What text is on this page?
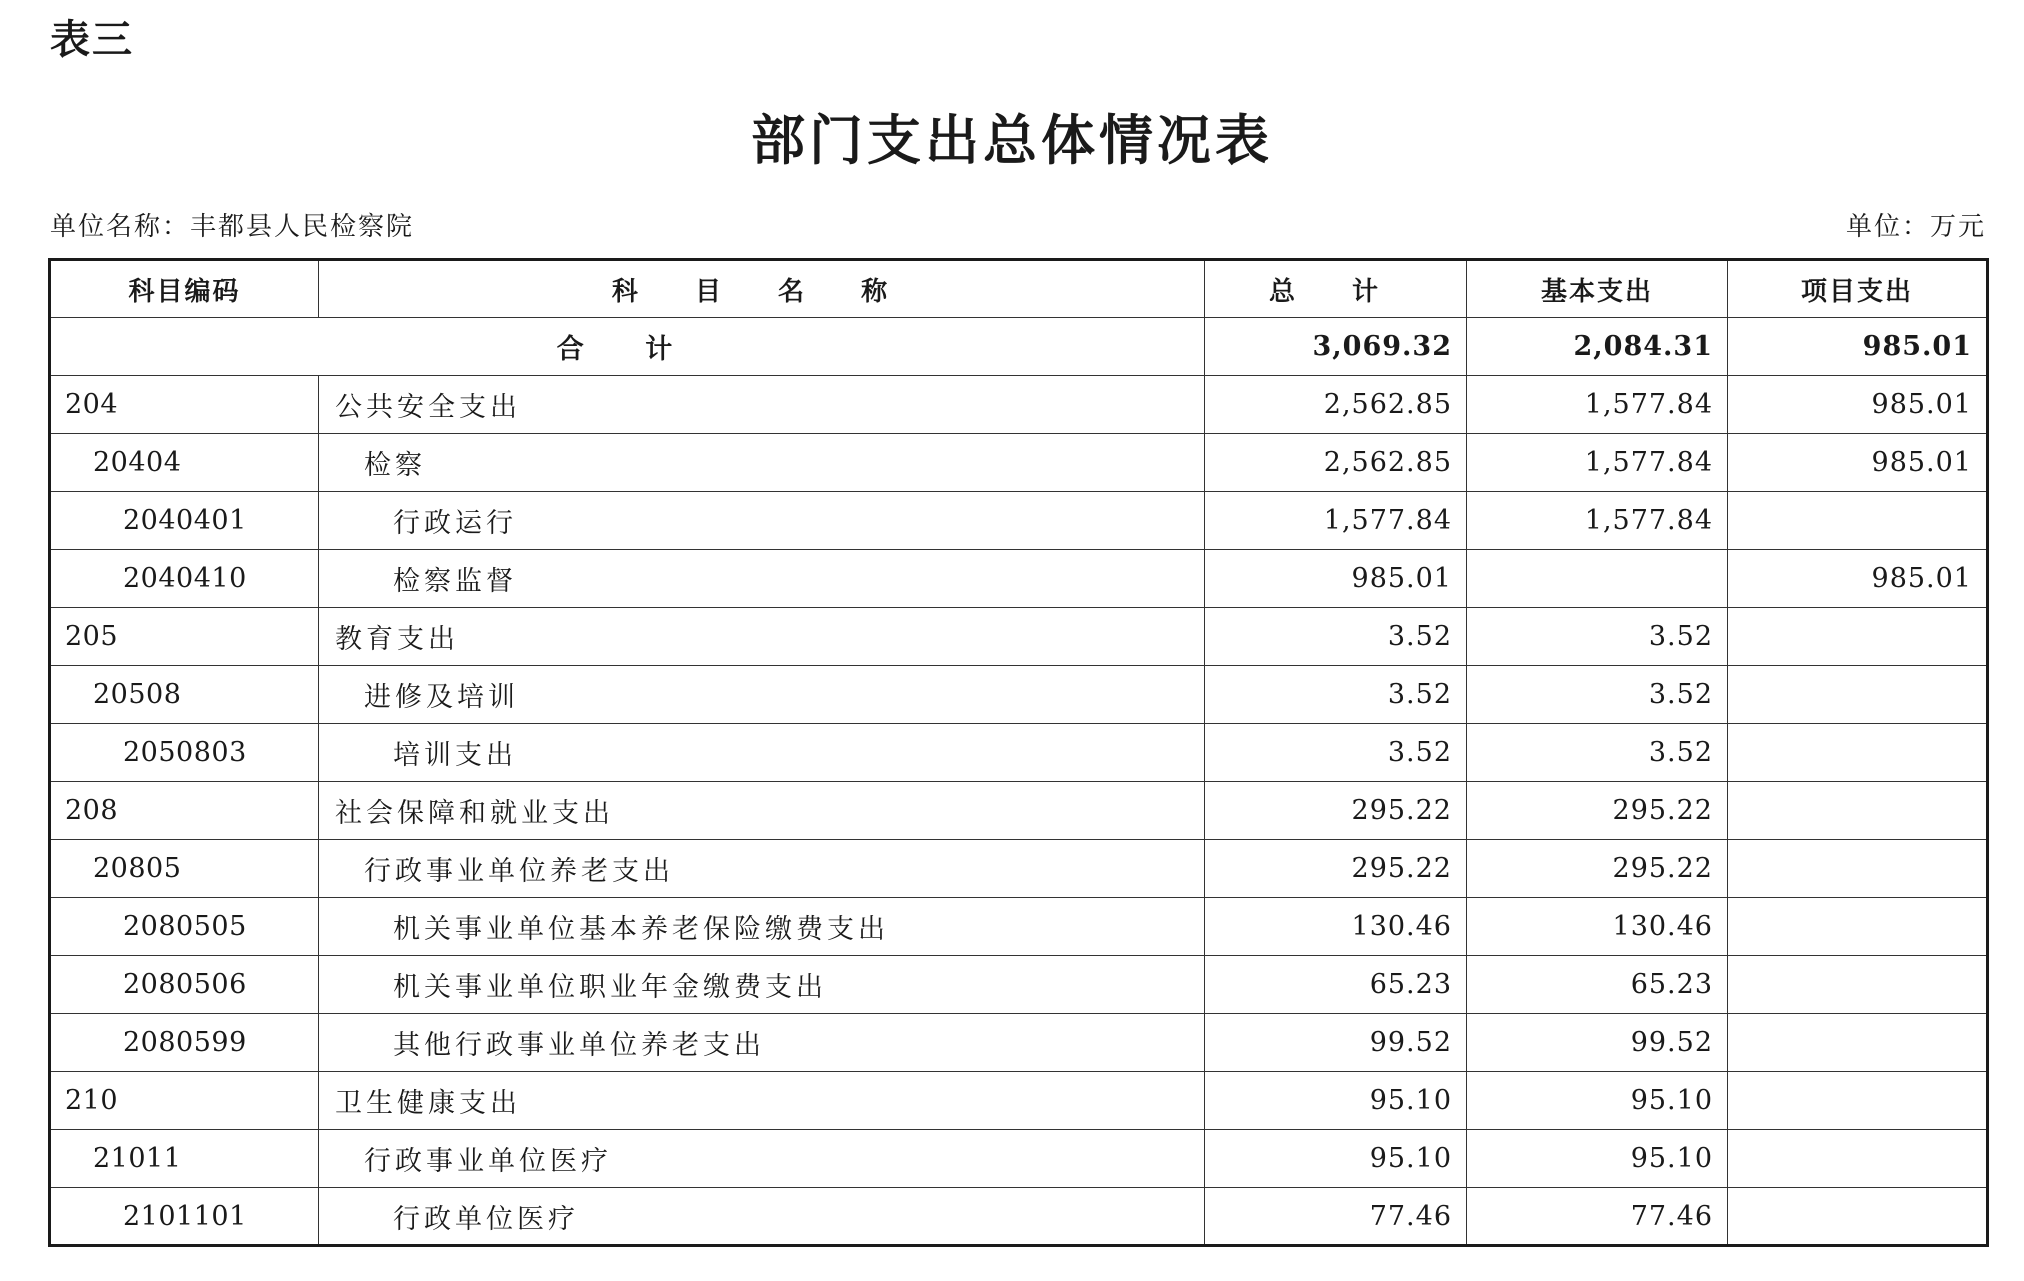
表三
部门支出总体情况表
单位名称：丰都县人民检察院	单位：万元
科目编码	科 目 名 称	总 计	基本支出	项目支出
合 计		3,069.32	2,084.31	985.01
204	公共安全支出	2,562.85	1,577.84	985.01
20404	检察	2,562.85	1,577.84	985.01
2040401	行政运行	1,577.84	1,577.84	
2040410	检察监督	985.01		985.01
205	教育支出	3.52	3.52	
20508	进修及培训	3.52	3.52	
2050803	培训支出	3.52	3.52	
208	社会保障和就业支出	295.22	295.22	
20805	行政事业单位养老支出	295.22	295.22	
2080505	机关事业单位基本养老保险缴费支出	130.46	130.46	
2080506	机关事业单位职业年金缴费支出	65.23	65.23	
2080599	其他行政事业单位养老支出	99.52	99.52	
210	卫生健康支出	95.10	95.10	
21011	行政事业单位医疗	95.10	95.10	
2101101	行政单位医疗	77.46	77.46	
